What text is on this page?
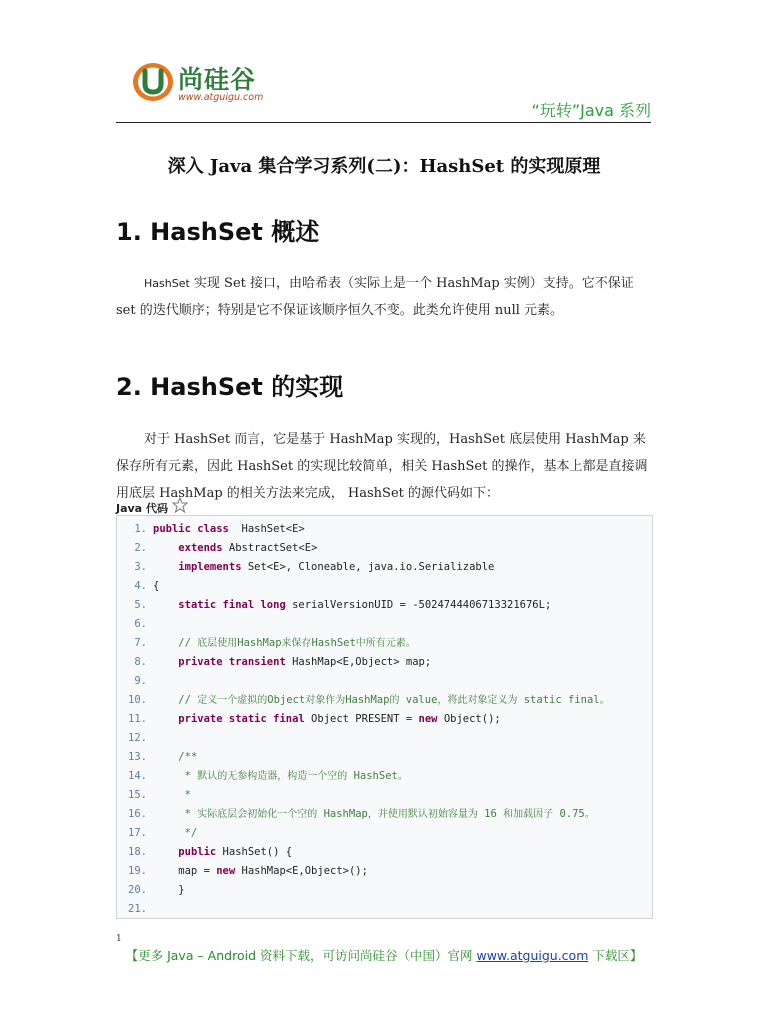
尚硅谷
www.atguigu.com
“玩转”Java 系列
深入 Java 集合学习系列(二)：HashSet 的实现原理
1. HashSet 概述
HashSet 实现 Set 接口，由哈希表（实际上是一个 HashMap 实例）支持。它不保证 set 的迭代顺序；特别是它不保证该顺序恒久不变。此类允许使用 null 元素。
2. HashSet 的实现
对于 HashSet 而言，它是基于 HashMap 实现的，HashSet 底层使用 HashMap 来保存所有元素，因此 HashSet 的实现比较简单，相关 HashSet 的操作，基本上都是直接调用底层 HashMap 的相关方法来完成， HashSet 的源代码如下：
Java 代码
1. public class  HashSet<E>
2.	extends AbstractSet<E>
3.	implements Set<E>, Cloneable, java.io.Serializable
4. {
5.	static final long serialVersionUID = -5024744406713321676L;
6.
7.	// 底层使用HashMap来保存HashSet中所有元素。
8.	private transient HashMap<E,Object> map;
9.
10.	// 定义一个虚拟的Object对象作为HashMap的 value，将此对象定义为 static final。
11.	private static final Object PRESENT = new Object();
12.
13.	/**
14.	* 默认的无参构造器，构造一个空的 HashSet。
15.	*
16.	* 实际底层会初始化一个空的 HashMap，并使用默认初始容量为 16 和加载因子 0.75。
17.	*/
18.	public HashSet() {
19. map = new HashMap<E,Object>();
20. }
21.
1
【更多 Java – Android 资料下载，可访问尚硅谷（中国）官网 www.atguigu.com 下载区】
